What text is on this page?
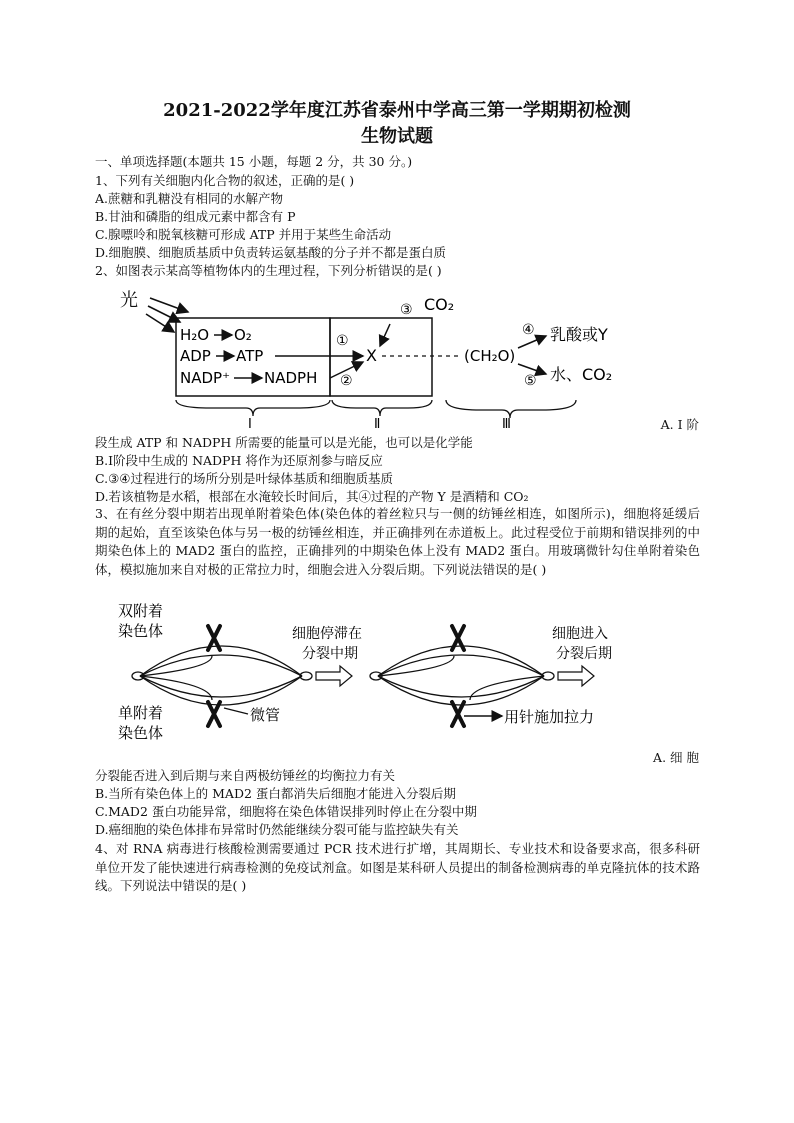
2021-2022学年度江苏省泰州中学高三第一学期期初检测
生物试题
一、单项选择题(本题共 15 小题，每题 2 分，共 30 分。)
1、下列有关细胞内化合物的叙述，正确的是( )
A.蔗糖和乳糖没有相同的水解产物
B.甘油和磷脂的组成元素中都含有 P
C.腺嘌呤和脱氧核糖可形成 ATP 并用于某些生命活动
D.细胞膜、细胞质基质中负责转运氨基酸的分子并不都是蛋白质
2、如图表示某高等植物体内的生理过程，下列分析错误的是( )
光
H₂O O₂
ADP ATP
NADP⁺ NADPH
①
②
X
③ CO₂
(CH₂O)
④
⑤
乳酸或Y
水、CO₂
Ⅰ	Ⅱ	Ⅲ	A. Ⅰ 阶
段生成 ATP 和 NADPH 所需要的能量可以是光能，也可以是化学能
B.Ⅰ阶段中生成的 NADPH 将作为还原剂参与暗反应
C.③④过程进行的场所分别是叶绿体基质和细胞质基质
D.若该植物是水稻，根部在水淹较长时间后，其④过程的产物 Y 是酒精和 CO₂
3、在有丝分裂中期若出现单附着染色体(染色体的着丝粒只与一侧的纺锤丝相连，如图所示)，细胞将延缓后期的起始，直至该染色体与另一极的纺锤丝相连，并正确排列在赤道板上。此过程受位于前期和错误排列的中期染色体上的 MAD2 蛋白的监控，正确排列的中期染色体上没有 MAD2 蛋白。用玻璃微针勾住单附着染色体，模拟施加来自对极的正常拉力时，细胞会进入分裂后期。下列说法错误的是( )
双附着
染色体
单附着
染色体
微管
细胞停滞在
分裂中期
用针施加拉力
细胞进入
分裂后期
A. 细 胞
分裂能否进入到后期与来自两极纺锤丝的均衡拉力有关
B.当所有染色体上的 MAD2 蛋白都消失后细胞才能进入分裂后期
C.MAD2 蛋白功能异常，细胞将在染色体错误排列时停止在分裂中期
D.癌细胞的染色体排布异常时仍然能继续分裂可能与监控缺失有关
4、对 RNA 病毒进行核酸检测需要通过 PCR 技术进行扩增，其周期长、专业技术和设备要求高，很多科研单位开发了能快速进行病毒检测的免疫试剂盒。如图是某科研人员提出的制备检测病毒的单克隆抗体的技术路线。下列说法中错误的是( )
